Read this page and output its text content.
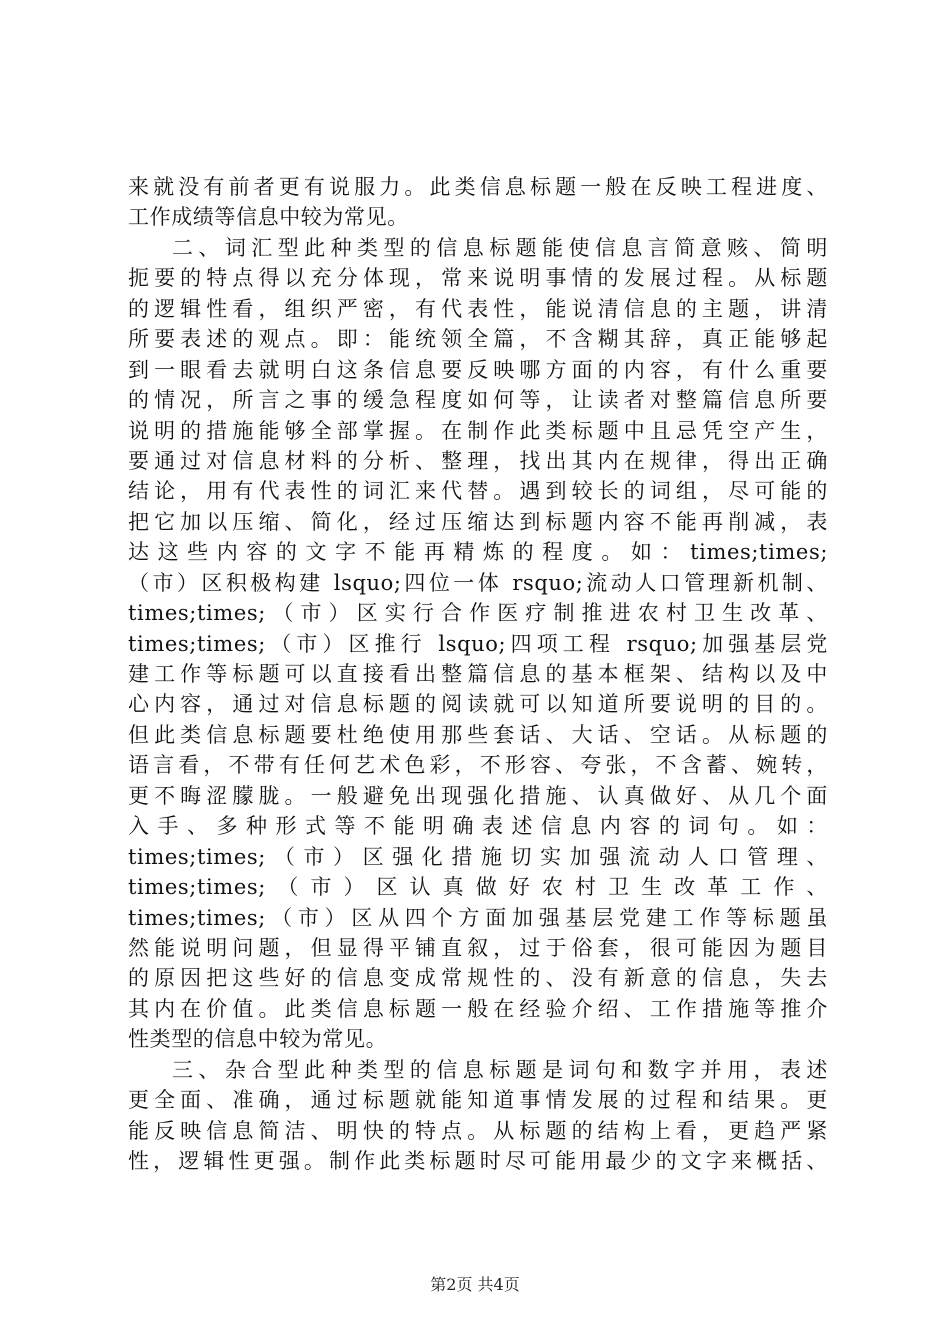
来就没有前者更有说服力。此类信息标题一般在反映工程进度、
工作成绩等信息中较为常见。
二、词汇型此种类型的信息标题能使信息言简意赅、简明
扼要的特点得以充分体现，常来说明事情的发展过程。从标题
的逻辑性看，组织严密，有代表性，能说清信息的主题，讲清
所要表述的观点。即：能统领全篇，不含糊其辞，真正能够起
到一眼看去就明白这条信息要反映哪方面的内容，有什么重要
的情况，所言之事的缓急程度如何等，让读者对整篇信息所要
说明的措施能够全部掌握。在制作此类标题中且忌凭空产生，
要通过对信息材料的分析、整理，找出其内在规律，得出正确
结论，用有代表性的词汇来代替。遇到较长的词组，尽可能的
把它加以压缩、简化，经过压缩达到标题内容不能再削减，表
达这些内容的文字不能再精炼的程度。如：times;times;
（市）区积极构建 lsquo;四位一体 rsquo;流动人口管理新机制、
times;times;（市）区实行合作医疗制推进农村卫生改革、
times;times;（市）区推行 lsquo;四项工程 rsquo;加强基层党
建工作等标题可以直接看出整篇信息的基本框架、结构以及中
心内容，通过对信息标题的阅读就可以知道所要说明的目的。
但此类信息标题要杜绝使用那些套话、大话、空话。从标题的
语言看，不带有任何艺术色彩，不形容、夸张，不含蓄、婉转，
更不晦涩朦胧。一般避免出现强化措施、认真做好、从几个面
入手、多种形式等不能明确表述信息内容的词句。如：
times;times;（市）区强化措施切实加强流动人口管理、
times;times;（市）区认真做好农村卫生改革工作、
times;times;（市）区从四个方面加强基层党建工作等标题虽
然能说明问题，但显得平铺直叙，过于俗套，很可能因为题目
的原因把这些好的信息变成常规性的、没有新意的信息，失去
其内在价值。此类信息标题一般在经验介绍、工作措施等推介
性类型的信息中较为常见。
三、杂合型此种类型的信息标题是词句和数字并用，表述
更全面、准确，通过标题就能知道事情发展的过程和结果。更
能反映信息简洁、明快的特点。从标题的结构上看，更趋严紧
性，逻辑性更强。制作此类标题时尽可能用最少的文字来概括、
第2页 共4页
